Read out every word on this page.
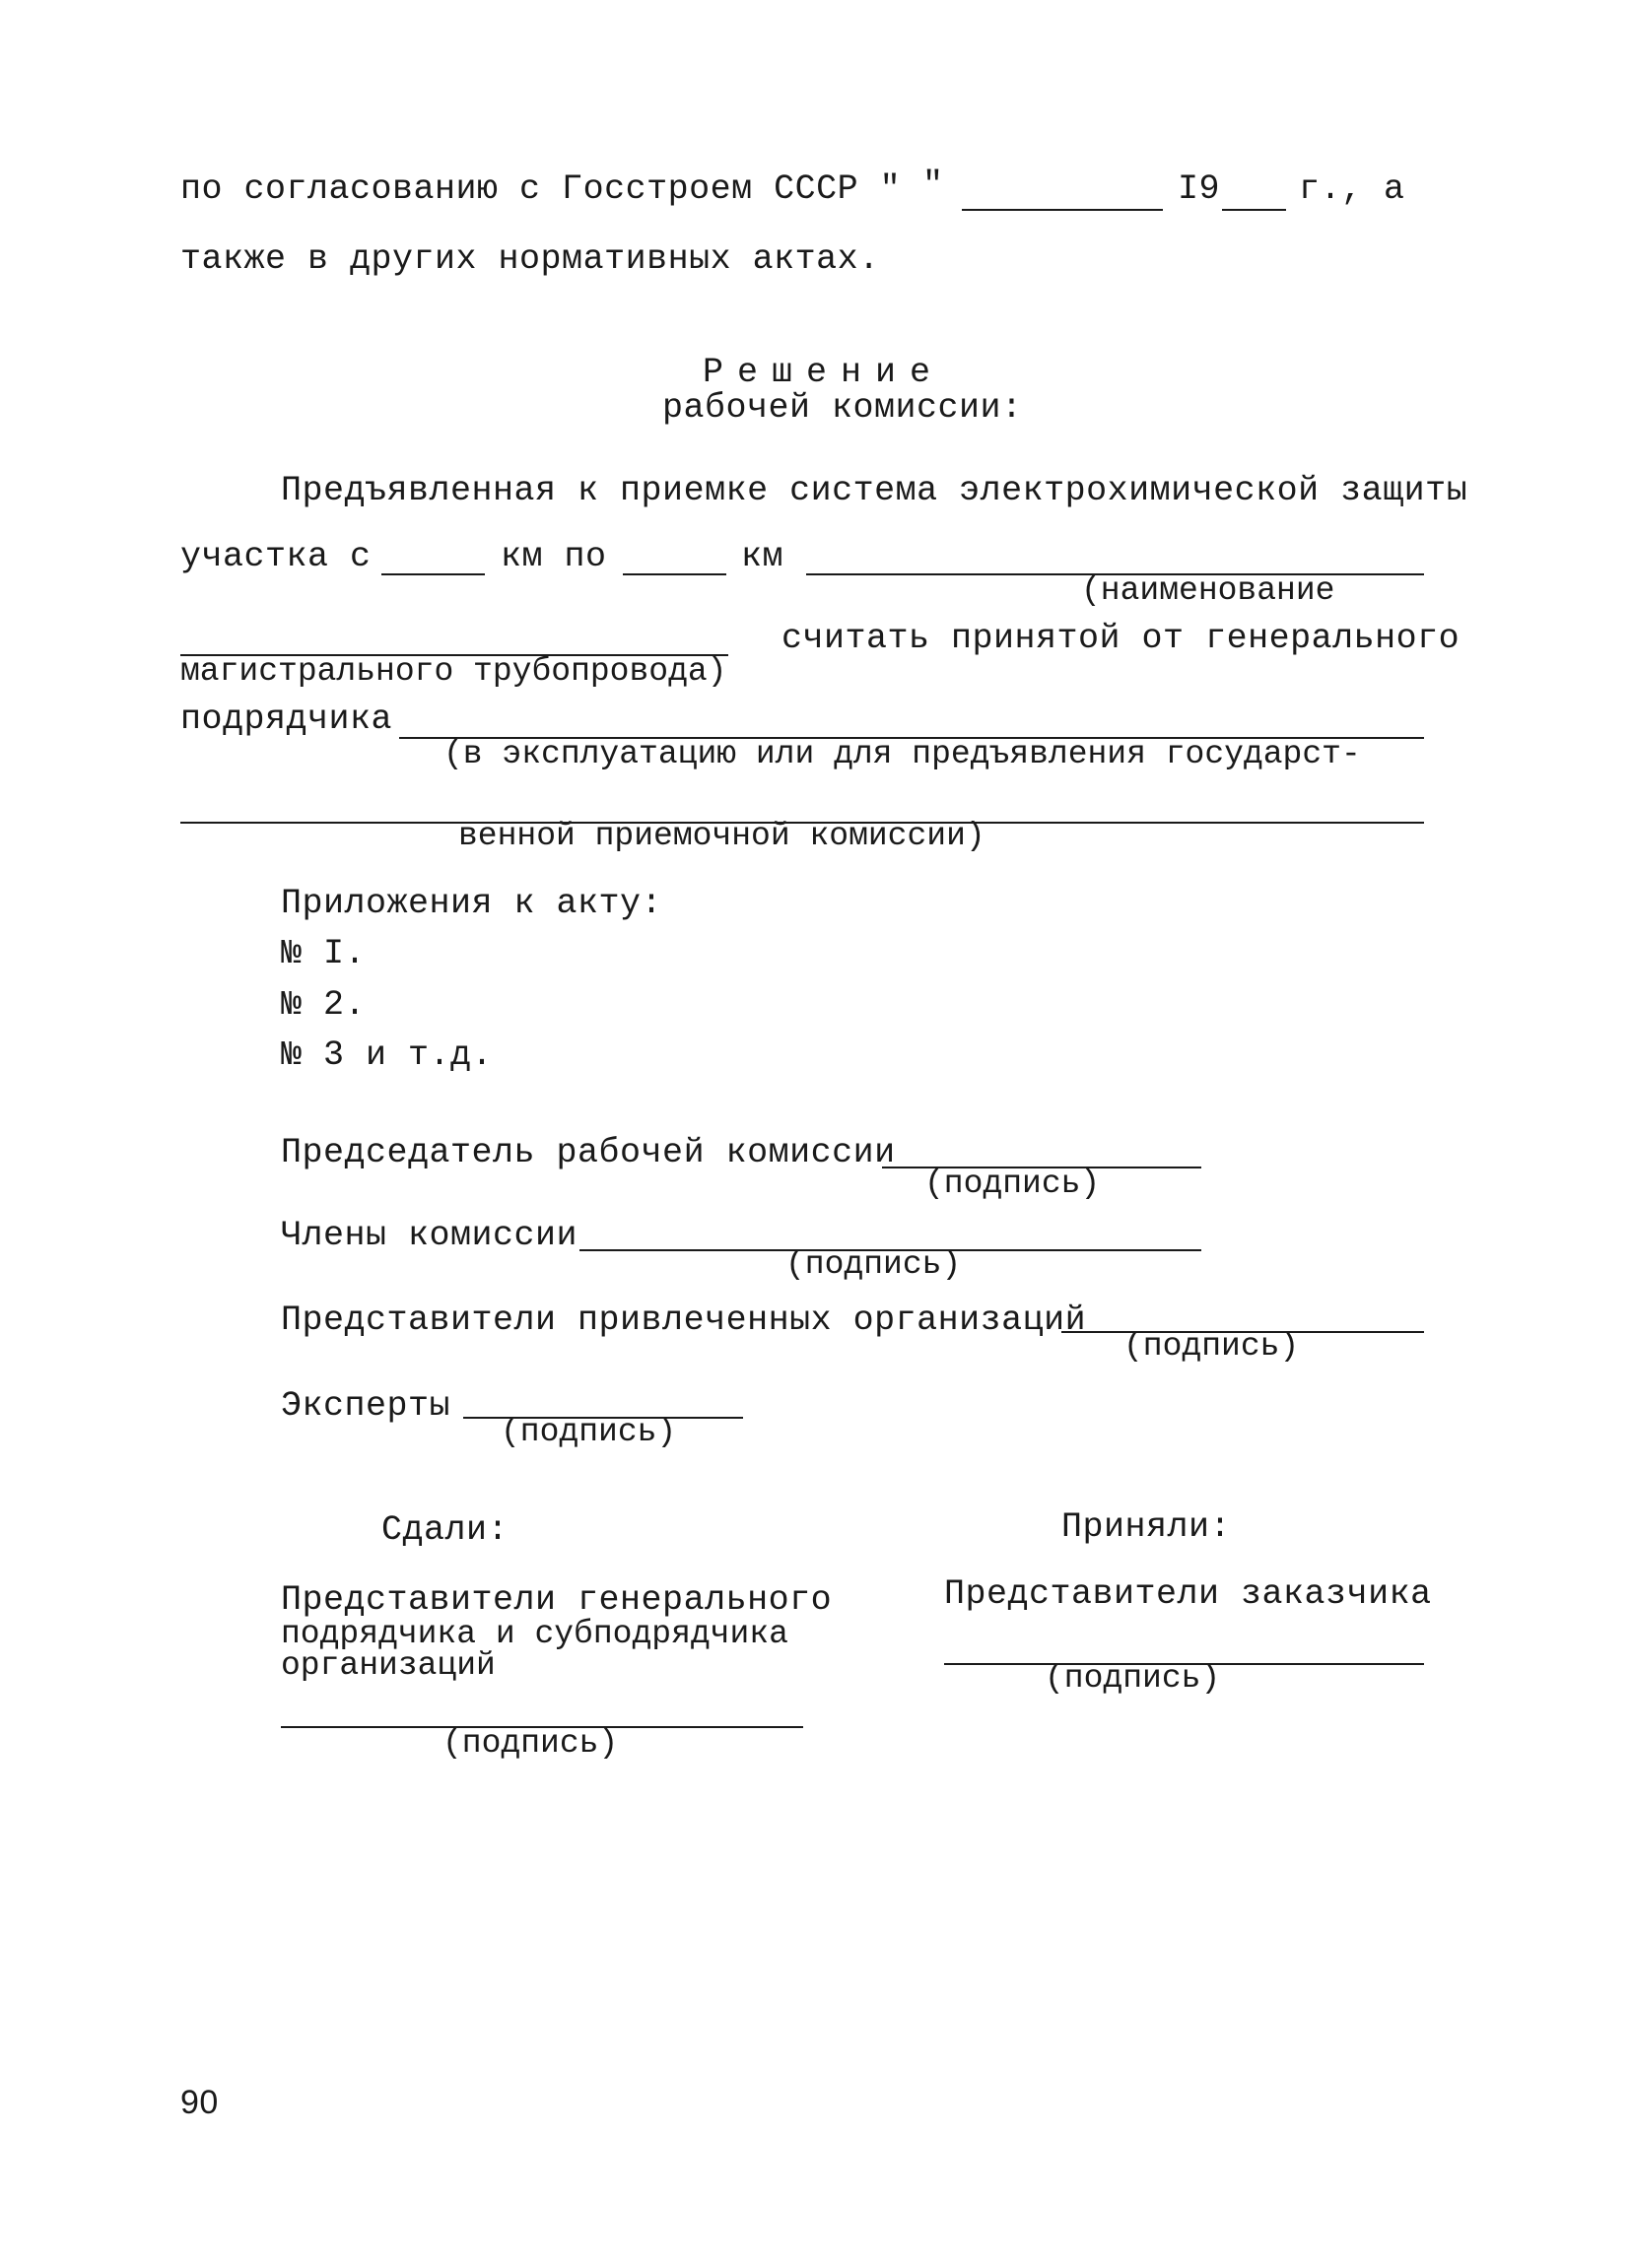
по согласованию с Госстроем СССР " "	I9 г., а
также в других нормативных актах.
Решение
рабочей комиссии:
Предъявленная к приемке система электрохимической защиты
участка с	км по	км
(наименование
магистрального трубопровода)
считать принятой от генерального
подрядчика
(в эксплуатацию или для предъявления государст-
венной приемочной комиссии)
Приложения к акту:
№ I.
№ 2.
№ 3 и т.д.
Председатель рабочей комиссии
(подпись)
Члены комиссии
(подпись)
Представители привлеченных организаций
(подпись)
Эксперты
(подпись)
Сдали:	Приняли:
Представители генерального
подрядчика и субподрядчика
организаций
(подпись)
Представители заказчика
(подпись)
90
